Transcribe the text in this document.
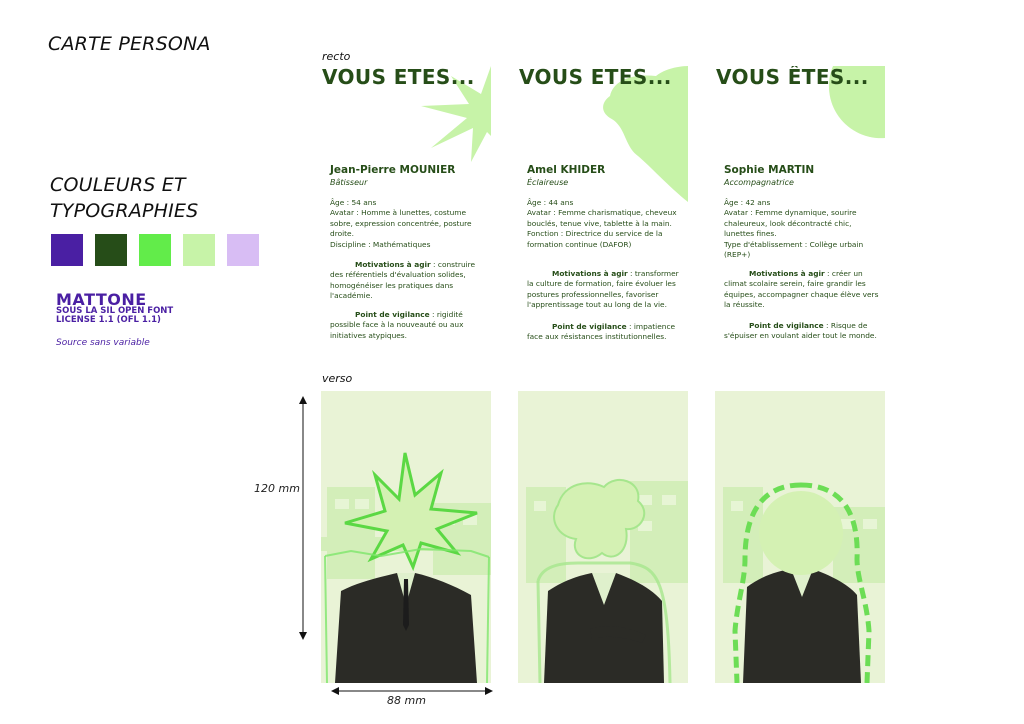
CARTE PERSONA
COULEURS ET TYPOGRAPHIES
MATTONE
SOUS LA SIL OPEN FONT
LICENSE 1.1 (OFL 1.1)
Source sans variable
recto
verso
VOUS ETES...
Jean-Pierre MOUNIER
Bâtisseur

Âge : 54 ans

Avatar : Homme à lunettes, costume sobre, expression concentrée, posture droite.

Discipline : Mathématiques

Motivations à agir : construire des référentiels d'évaluation solides, homogénéiser les pratiques dans l'académie.
Point de vigilance : rigidité possible face à la nouveauté ou aux initiatives atypiques.
VOUS ETES...
Amel KHIDER
Éclaireuse

Âge : 44 ans

Avatar : Femme charismatique, cheveux bouclés, tenue vive, tablette à la main.

Fonction : Directrice du service de la formation continue (DAFOR)

Motivations à agir : transformer la culture de formation, faire évoluer les postures professionnelles, favoriser l'apprentissage tout au long de la vie.
Point de vigilance : impatience face aux résistances institutionnelles.
VOUS ÊTES...
Sophie MARTIN
Accompagnatrice

Âge : 42 ans

Avatar : Femme dynamique, sourire chaleureux, look décontracté chic, lunettes fines.

Type d'établissement : Collège urbain (REP+)

Motivations à agir : créer un climat scolaire serein, faire grandir les équipes, accompagner chaque élève vers la réussite.
Point de vigilance : Risque de s'épuiser en voulant aider tout le monde.
120 mm
88 mm
